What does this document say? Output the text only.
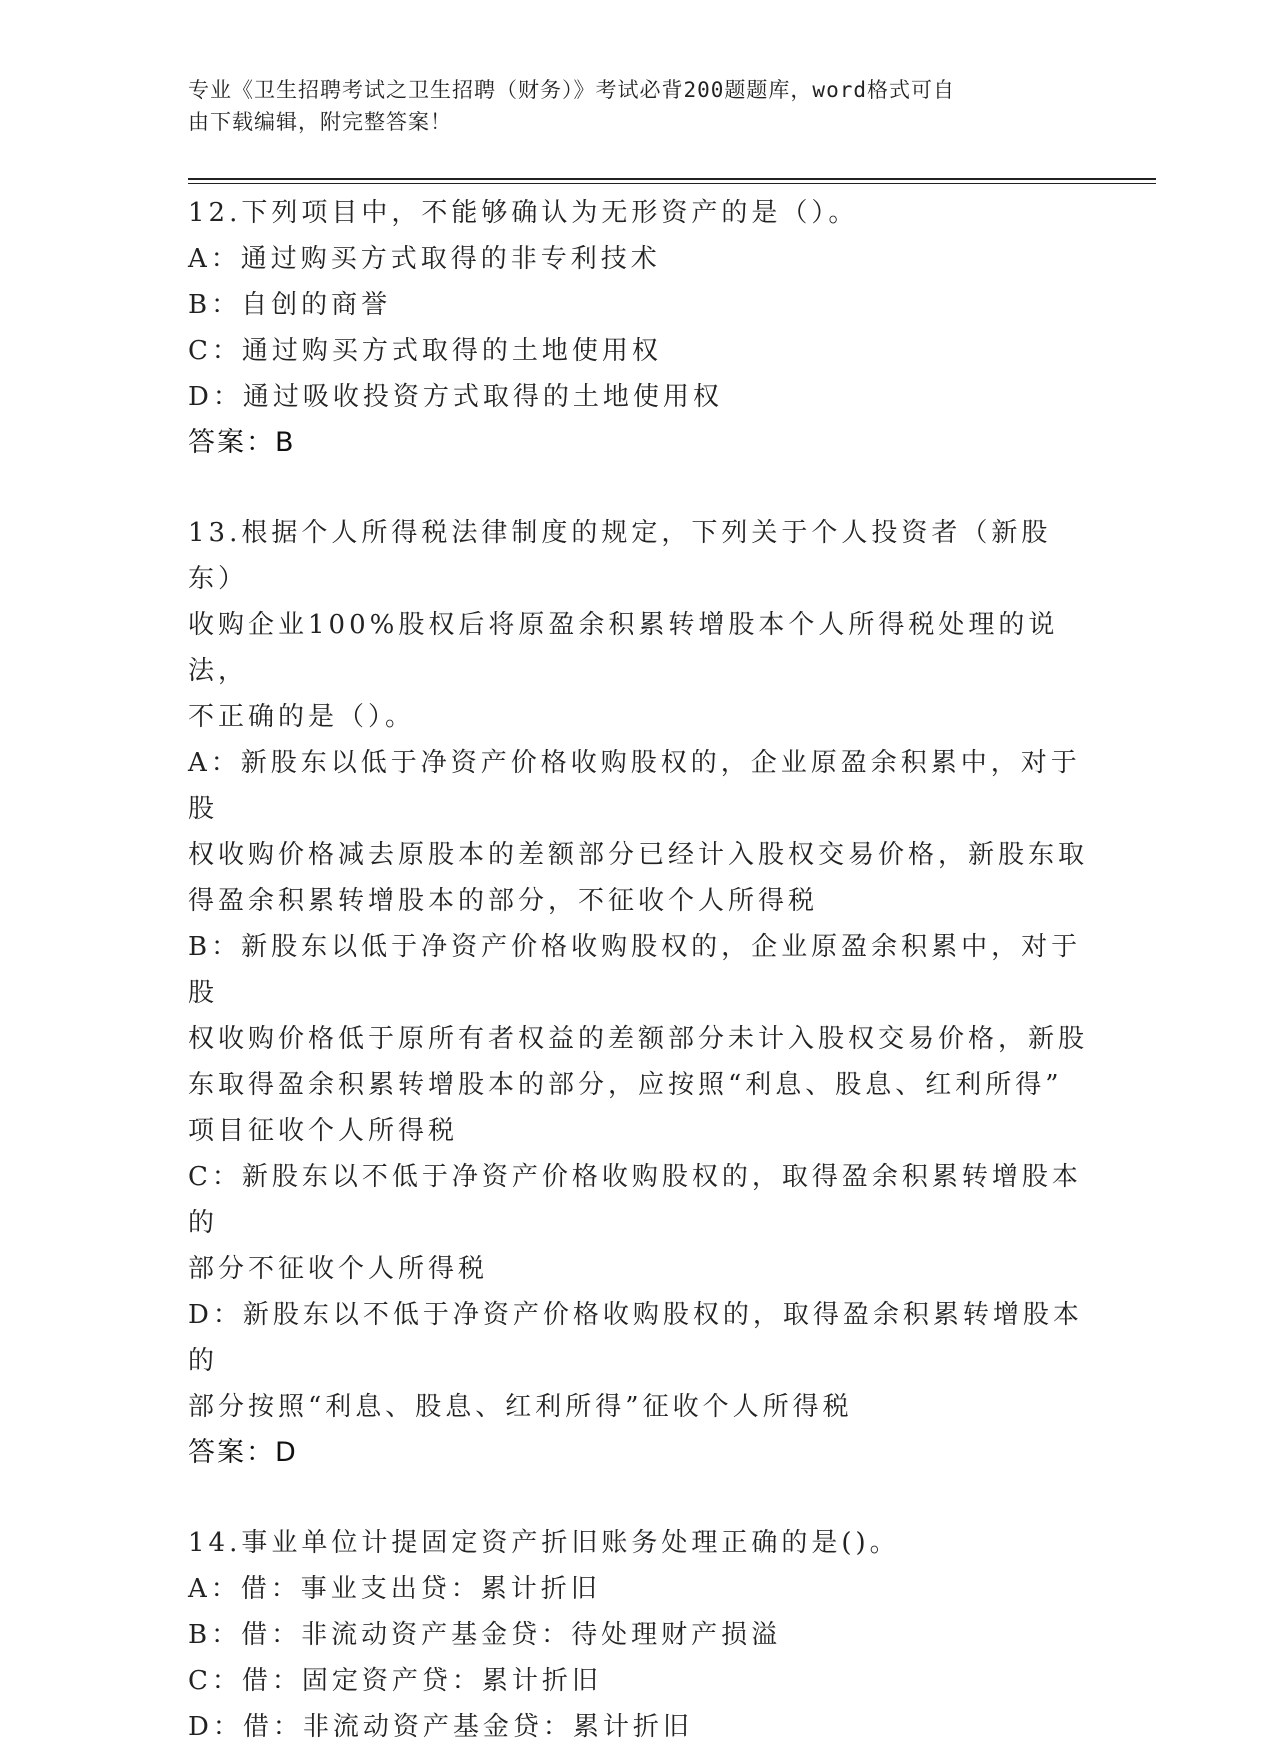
专业《卫生招聘考试之卫生招聘（财务）》考试必背200题题库，word格式可自
由下载编辑，附完整答案！
12.下列项目中，不能够确认为无形资产的是（）。
A：通过购买方式取得的非专利技术
B：自创的商誉
C：通过购买方式取得的土地使用权
D：通过吸收投资方式取得的土地使用权
答案：B
13.根据个人所得税法律制度的规定，下列关于个人投资者（新股东）
收购企业100%股权后将原盈余积累转增股本个人所得税处理的说法，
不正确的是（）。
A：新股东以低于净资产价格收购股权的，企业原盈余积累中，对于股
权收购价格减去原股本的差额部分已经计入股权交易价格，新股东取
得盈余积累转增股本的部分，不征收个人所得税
B：新股东以低于净资产价格收购股权的，企业原盈余积累中，对于股
权收购价格低于原所有者权益的差额部分未计入股权交易价格，新股
东取得盈余积累转增股本的部分，应按照“利息、股息、红利所得”
项目征收个人所得税
C：新股东以不低于净资产价格收购股权的，取得盈余积累转增股本的
部分不征收个人所得税
D：新股东以不低于净资产价格收购股权的，取得盈余积累转增股本的
部分按照“利息、股息、红利所得”征收个人所得税
答案：D
14.事业单位计提固定资产折旧账务处理正确的是()。
A：借：事业支出贷：累计折旧
B：借：非流动资产基金贷：待处理财产损溢
C：借：固定资产贷：累计折旧
D：借：非流动资产基金贷：累计折旧
